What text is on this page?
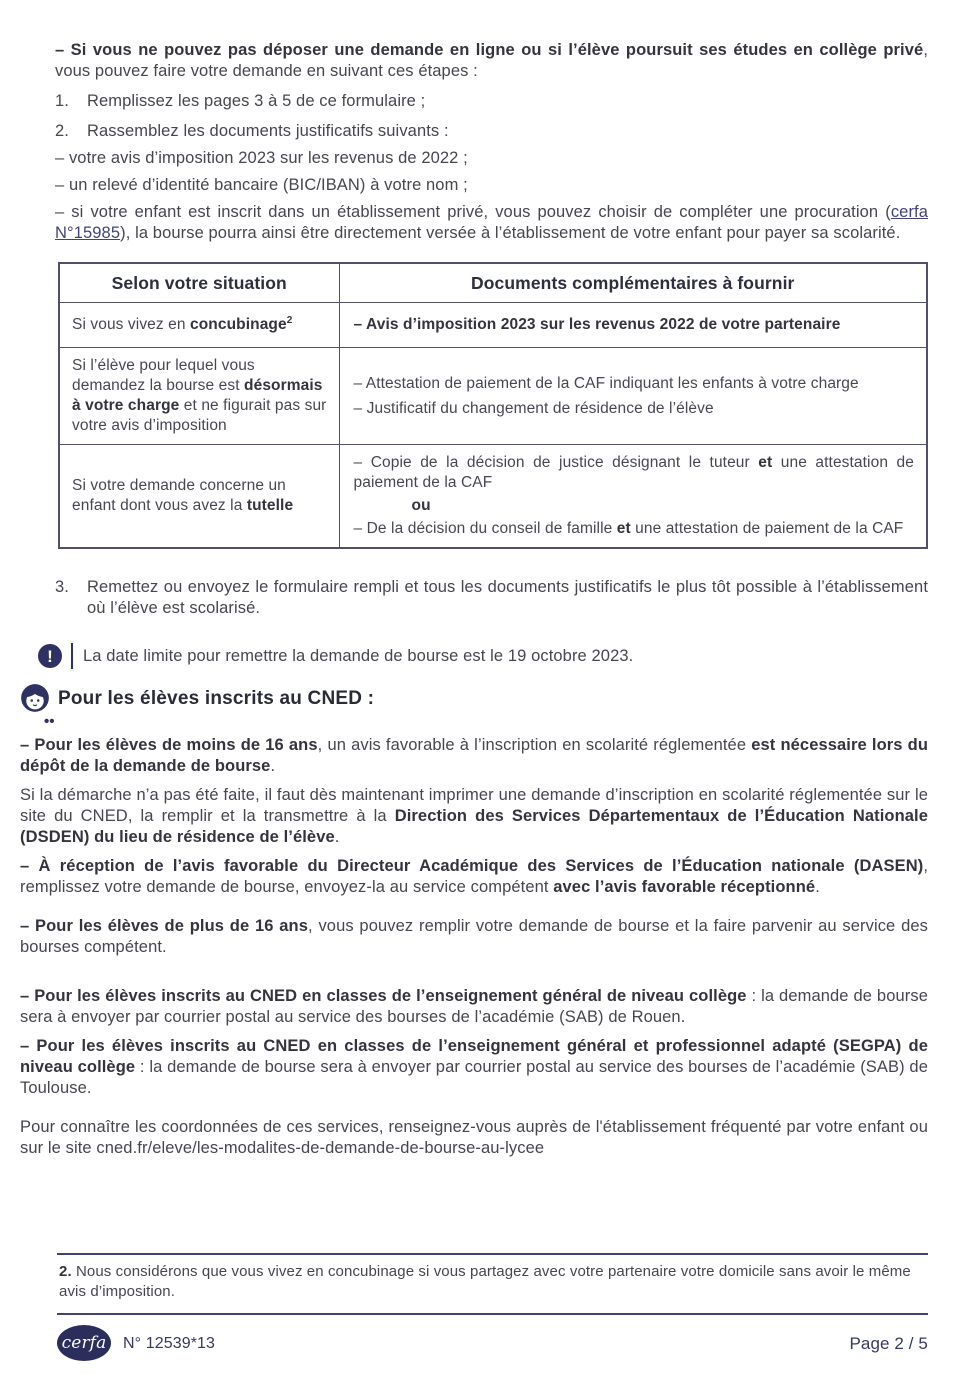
– Si vous ne pouvez pas déposer une demande en ligne ou si l’élève poursuit ses études en collège privé, vous pouvez faire votre demande en suivant ces étapes :

1.	Remplissez les pages 3 à 5 de ce formulaire ;
2.	Rassemblez les documents justificatifs suivants :

– votre avis d’imposition 2023 sur les revenus de 2022 ;

– un relevé d’identité bancaire (BIC/IBAN) à votre nom ;

– si votre enfant est inscrit dans un établissement privé, vous pouvez choisir de compléter une procuration (cerfa N°15985), la bourse pourra ainsi être directement versée à l’établissement de votre enfant pour payer sa scolarité.

Selon votre situation	Documents complémentaires à fournir
Si vous vivez en concubinage$^2$	– Avis d’imposition 2023 sur les revenus 2022 de votre partenaire

Si l’élève pour lequel vous demandez la bourse est désormais à votre charge et ne figurait pas sur votre avis d’imposition	– Attestation de paiement de la CAF indiquant les enfants à votre charge
– Justificatif du changement de résidence de l’élève

Si votre demande concerne un enfant dont vous avez la tutelle	– Copie de la décision de justice désignant le tuteur et une attestation de paiement de la CAF
ou
– De la décision du conseil de famille et une attestation de paiement de la CAF
3.	Remettez ou envoyez le formulaire rempli et tous les documents justificatifs le plus tôt possible à l’établissement où l’élève est scolarisé.
!	La date limite pour remettre la demande de bourse est le 19 octobre 2023.
Pour les élèves inscrits au CNED :
••

– Pour les élèves de moins de 16 ans, un avis favorable à l’inscription en scolarité réglementée est nécessaire lors du dépôt de la demande de bourse.

Si la démarche n’a pas été faite, il faut dès maintenant imprimer une demande d’inscription en scolarité réglementée sur le site du CNED, la remplir et la transmettre à la Direction des Services Départementaux de l’Éducation Nationale (DSDEN) du lieu de résidence de l’élève.

– À réception de l’avis favorable du Directeur Académique des Services de l’Éducation nationale (DASEN), remplissez votre demande de bourse, envoyez-la au service compétent avec l’avis favorable réceptionné.

– Pour les élèves de plus de 16 ans, vous pouvez remplir votre demande de bourse et la faire parvenir au service des bourses compétent.

– Pour les élèves inscrits au CNED en classes de l’enseignement général de niveau collège : la demande de bourse sera à envoyer par courrier postal au service des bourses de l’académie (SAB) de Rouen.

– Pour les élèves inscrits au CNED en classes de l’enseignement général et professionnel adapté (SEGPA) de niveau collège : la demande de bourse sera à envoyer par courrier postal au service des bourses de l’académie (SAB) de Toulouse.

Pour connaître les coordonnées de ces services, renseignez-vous auprès de l'établissement fréquenté par votre enfant ou sur le site cned.fr/eleve/les-modalites-de-demande-de-bourse-au-lycee

2. Nous considérons que vous vivez en concubinage si vous partagez avec votre partenaire votre domicile sans avoir le même avis d’imposition.
cerfa N° 12539*13	Page 2 / 5
